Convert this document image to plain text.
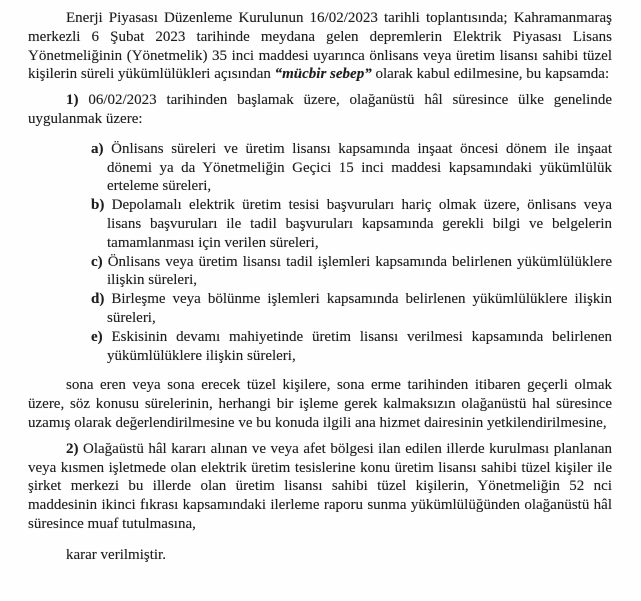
Enerji Piyasası Düzenleme Kurulunun 16/02/2023 tarihli toplantısında; Kahramanmaraş merkezli 6 Şubat 2023 tarihinde meydana gelen depremlerin Elektrik Piyasası Lisans Yönetmeliğinin (Yönetmelik) 35 inci maddesi uyarınca önlisans veya üretim lisansı sahibi tüzel kişilerin süreli yükümlülükleri açısından “mücbir sebep” olarak kabul edilmesine, bu kapsamda:

1) 06/02/2023 tarihinden başlamak üzere, olağanüstü hâl süresince ülke genelinde uygulanmak üzere:

a) Önlisans süreleri ve üretim lisansı kapsamında inşaat öncesi dönem ile inşaat dönemi ya da Yönetmeliğin Geçici 15 inci maddesi kapsamındaki yükümlülük erteleme süreleri,

b) Depolamalı elektrik üretim tesisi başvuruları hariç olmak üzere, önlisans veya lisans başvuruları ile tadil başvuruları kapsamında gerekli bilgi ve belgelerin tamamlanması için verilen süreleri,

c) Önlisans veya üretim lisansı tadil işlemleri kapsamında belirlenen yükümlülüklere ilişkin süreleri,

d) Birleşme veya bölünme işlemleri kapsamında belirlenen yükümlülüklere ilişkin süreleri,

e) Eskisinin devamı mahiyetinde üretim lisansı verilmesi kapsamında belirlenen yükümlülüklere ilişkin süreleri,

sona eren veya sona erecek tüzel kişilere, sona erme tarihinden itibaren geçerli olmak üzere, söz konusu sürelerinin, herhangi bir işleme gerek kalmaksızın olağanüstü hal süresince uzamış olarak değerlendirilmesine ve bu konuda ilgili ana hizmet dairesinin yetkilendirilmesine,

2) Olağaüstü hâl kararı alınan ve veya afet bölgesi ilan edilen illerde kurulması planlanan veya kısmen işletmede olan elektrik üretim tesislerine konu üretim lisansı sahibi tüzel kişiler ile şirket merkezi bu illerde olan üretim lisansı sahibi tüzel kişilerin, Yönetmeliğin 52 nci maddesinin ikinci fıkrası kapsamındaki ilerleme raporu sunma yükümlülüğünden olağanüstü hâl süresince muaf tutulmasına,

karar verilmiştir.
